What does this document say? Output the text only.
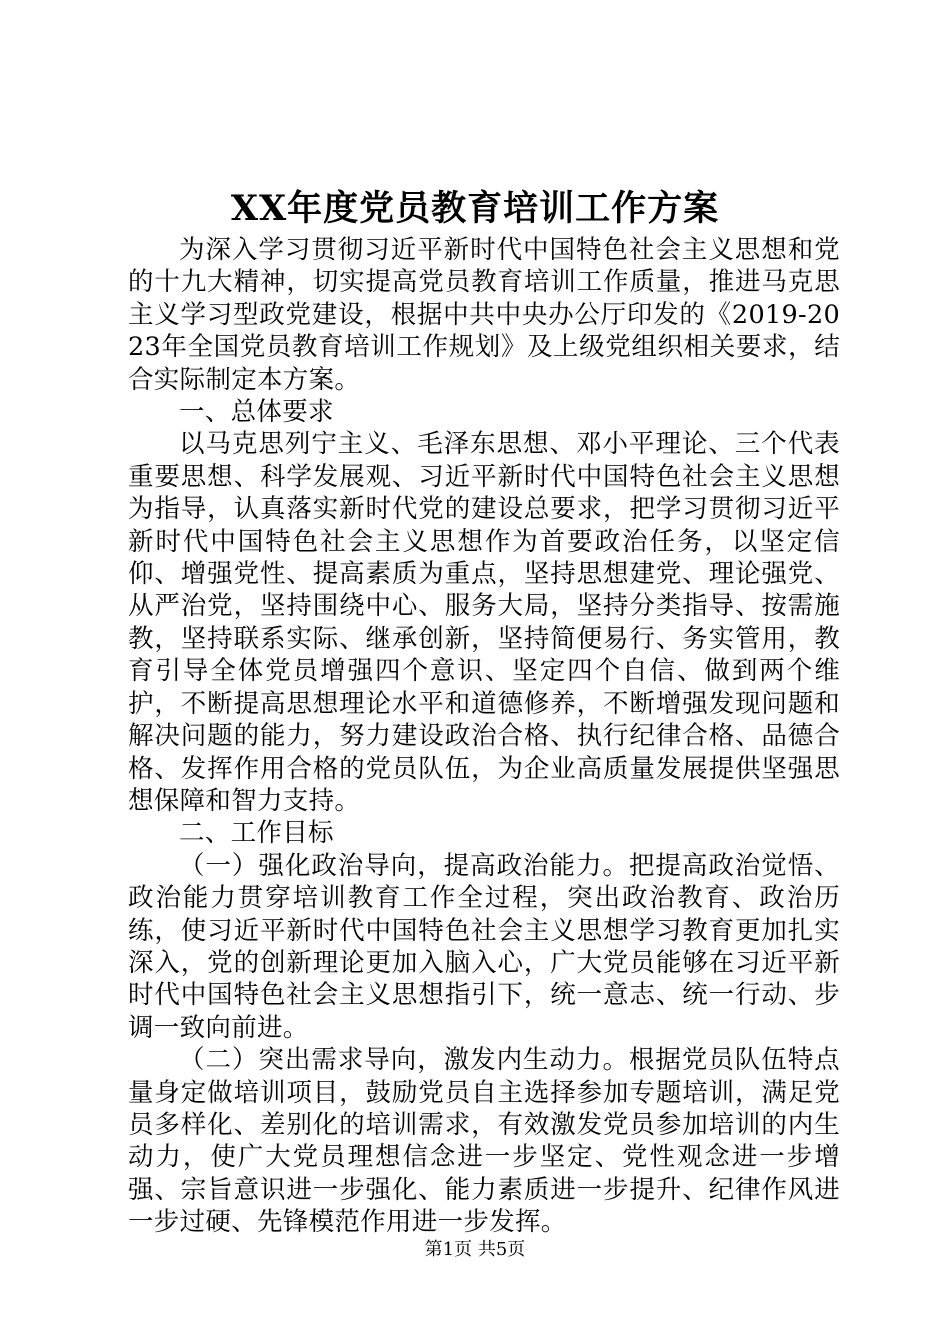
XX年度党员教育培训工作方案

为深入学习贯彻习近平新时代中国特色社会主义思想和党的十九大精神，切实提高党员教育培训工作质量，推进马克思主义学习型政党建设，根据中共中央办公厅印发的《2019-2023年全国党员教育培训工作规划》及上级党组织相关要求，结合实际制定本方案。

一、总体要求

以马克思列宁主义、毛泽东思想、邓小平理论、三个代表重要思想、科学发展观、习近平新时代中国特色社会主义思想为指导，认真落实新时代党的建设总要求，把学习贯彻习近平新时代中国特色社会主义思想作为首要政治任务，以坚定信仰、增强党性、提高素质为重点，坚持思想建党、理论强党、从严治党，坚持围绕中心、服务大局，坚持分类指导、按需施教，坚持联系实际、继承创新，坚持简便易行、务实管用，教育引导全体党员增强四个意识、坚定四个自信、做到两个维护，不断提高思想理论水平和道德修养，不断增强发现问题和解决问题的能力，努力建设政治合格、执行纪律合格、品德合格、发挥作用合格的党员队伍，为企业高质量发展提供坚强思想保障和智力支持。

二、工作目标

（一）强化政治导向，提高政治能力。把提高政治觉悟、政治能力贯穿培训教育工作全过程，突出政治教育、政治历练，使习近平新时代中国特色社会主义思想学习教育更加扎实深入，党的创新理论更加入脑入心，广大党员能够在习近平新时代中国特色社会主义思想指引下，统一意志、统一行动、步调一致向前进。

（二）突出需求导向，激发内生动力。根据党员队伍特点量身定做培训项目，鼓励党员自主选择参加专题培训，满足党员多样化、差别化的培训需求，有效激发党员参加培训的内生动力，使广大党员理想信念进一步坚定、党性观念进一步增强、宗旨意识进一步强化、能力素质进一步提升、纪律作风进一步过硬、先锋模范作用进一步发挥。

第1页 共5页
